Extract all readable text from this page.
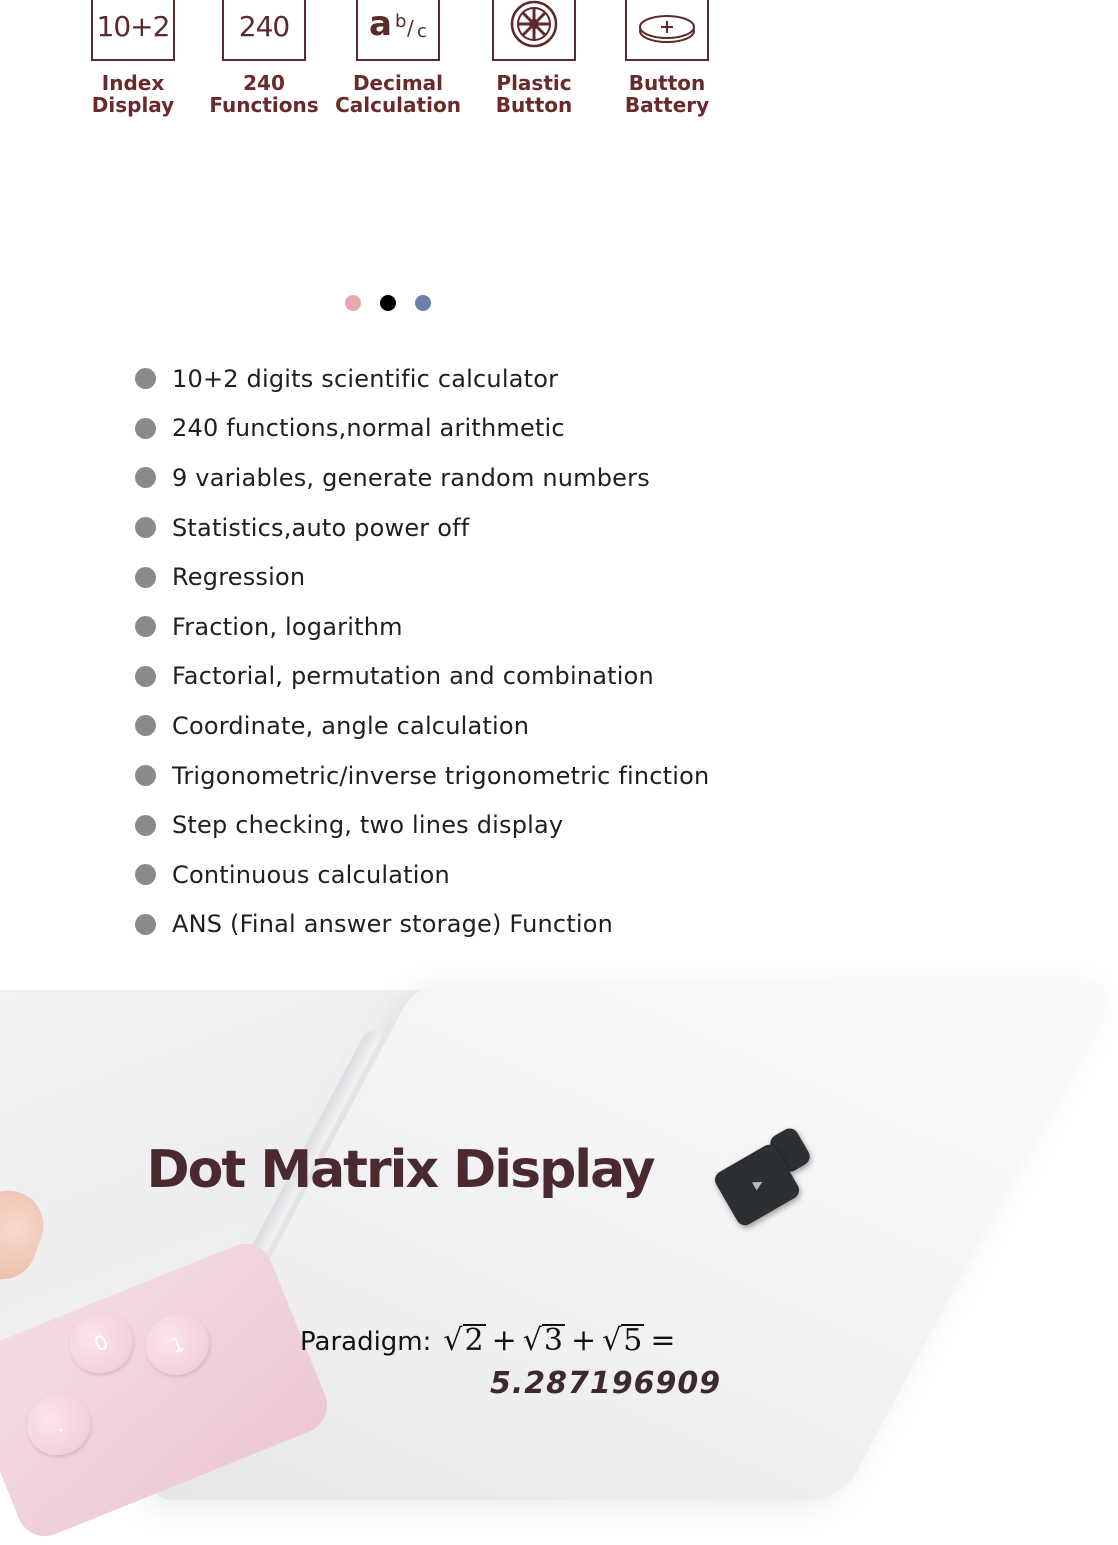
10+2
Index
Display
240
240
Functions
a b / c
Decimal
Calculation
Plastic
Button
Button
Battery
10+2 digits scientific calculator
240 functions,normal arithmetic
9 variables, generate random numbers
Statistics,auto power off
Regression
Fraction, logarithm
Factorial, permutation and combination
Coordinate, angle calculation
Trigonometric/inverse trigonometric finction
Step checking, two lines display
Continuous calculation
ANS (Final answer storage) Function
▶
0
.
1
Dot Matrix Display
Paradigm: √ 2 + √ 3 + √ 5 =
5.287196909
